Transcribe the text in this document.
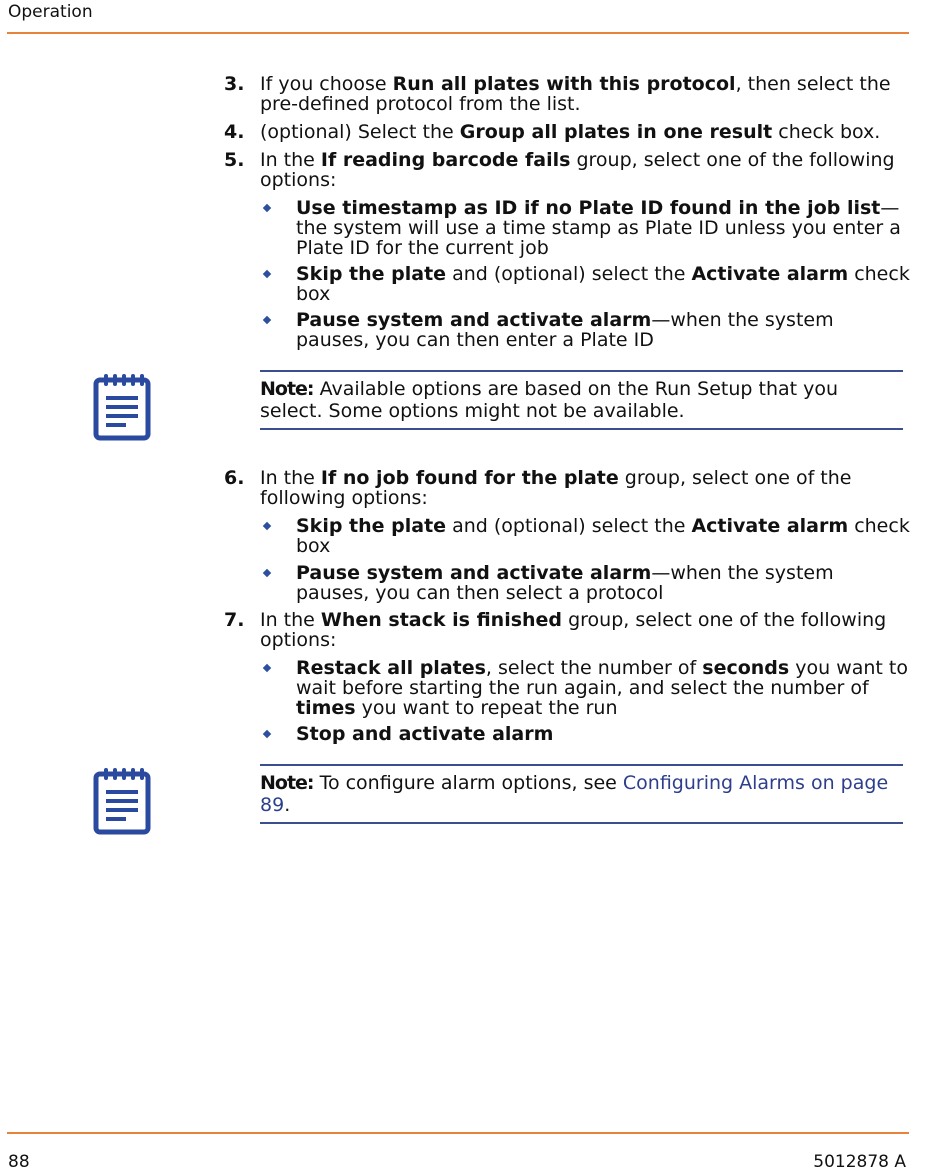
Operation
3. If you choose Run all plates with this protocol, then select the pre-defined protocol from the list.
4. (optional) Select the Group all plates in one result check box.
5. In the If reading barcode fails group, select one of the following options:
Use timestamp as ID if no Plate ID found in the job list—the system will use a time stamp as Plate ID unless you enter a Plate ID for the current job
Skip the plate and (optional) select the Activate alarm check box
Pause system and activate alarm—when the system pauses, you can then enter a Plate ID
Note: Available options are based on the Run Setup that you select. Some options might not be available.
6. In the If no job found for the plate group, select one of the following options:
Skip the plate and (optional) select the Activate alarm check box
Pause system and activate alarm—when the system pauses, you can then select a protocol
7. In the When stack is finished group, select one of the following options:
Restack all plates, select the number of seconds you want to wait before starting the run again, and select the number of times you want to repeat the run
Stop and activate alarm
Note: To configure alarm options, see Configuring Alarms on page 89.
88	5012878 A
